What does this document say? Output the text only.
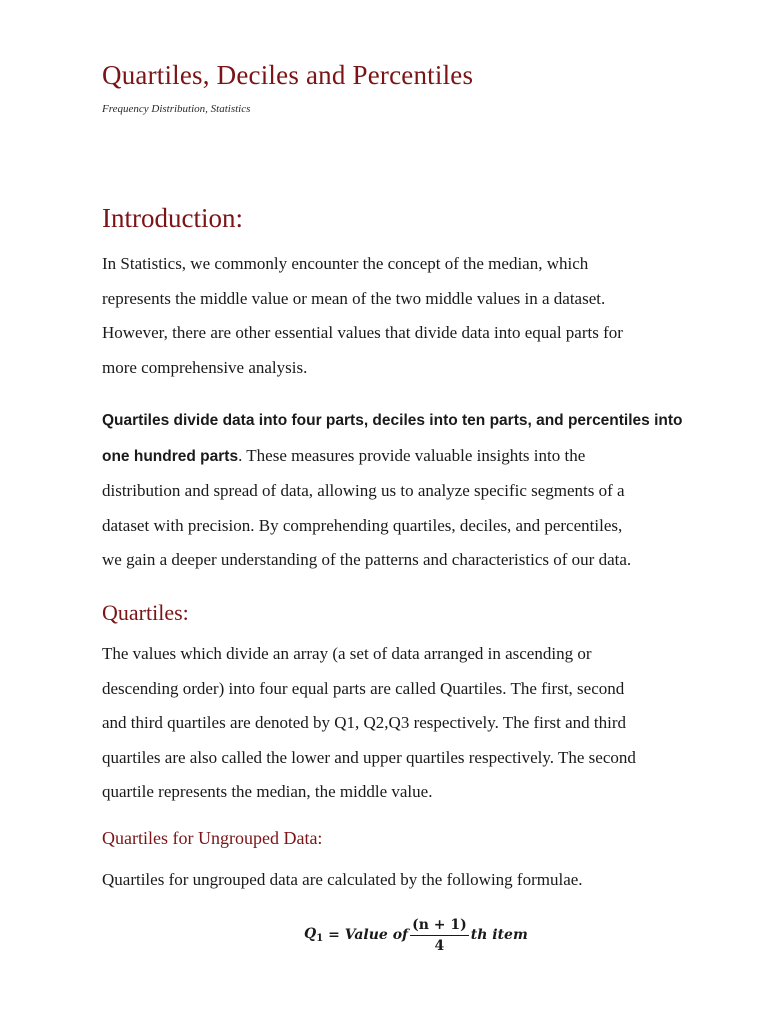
Quartiles, Deciles and Percentiles

Frequency Distribution, Statistics

Introduction:

In Statistics, we commonly encounter the concept of the median, which
represents the middle value or mean of the two middle values in a dataset.
However, there are other essential values that divide data into equal parts for
more comprehensive analysis.

Quartiles divide data into four parts, deciles into ten parts, and percentiles into
one hundred parts. These measures provide valuable insights into the
distribution and spread of data, allowing us to analyze specific segments of a
dataset with precision. By comprehending quartiles, deciles, and percentiles,
we gain a deeper understanding of the patterns and characteristics of our data.

Quartiles:

The values which divide an array (a set of data arranged in ascending or
descending order) into four equal parts are called Quartiles. The first, second
and third quartiles are denoted by Q1, Q2,Q3 respectively. The first and third
quartiles are also called the lower and upper quartiles respectively. The second
quartile represents the median, the middle value.

Quartiles for Ungrouped Data:

Quartiles for ungrouped data are calculated by the following formulae.

$Q_1$ = Value of $\frac{(n + 1)}{4}$ th item
